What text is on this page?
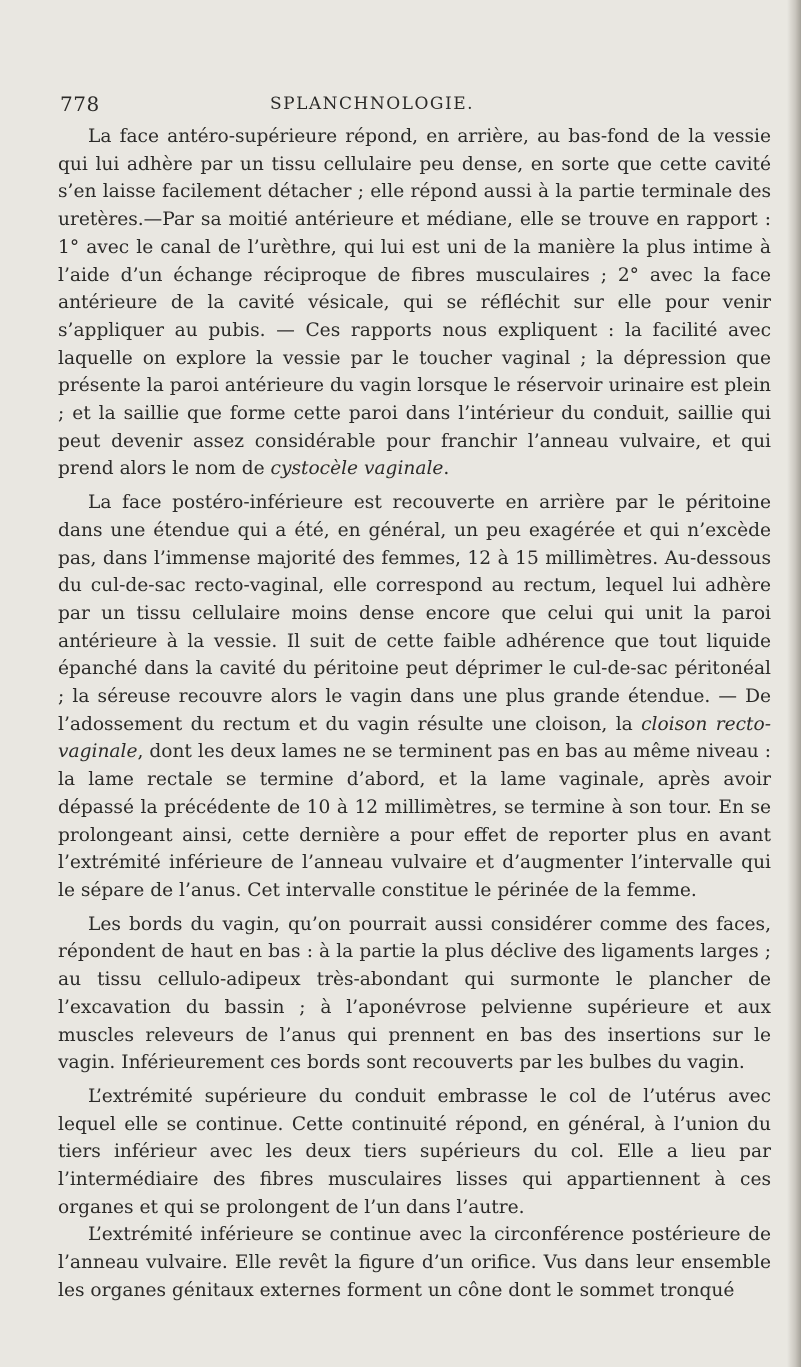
778	SPLANCHNOLOGIE.

La face antéro-supérieure répond, en arrière, au bas-fond de la vessie qui lui adhère par un tissu cellulaire peu dense, en sorte que cette cavité s’en laisse facilement détacher ; elle répond aussi à la partie terminale des uretères.—Par sa moitié antérieure et médiane, elle se trouve en rapport : 1° avec le canal de l’urèthre, qui lui est uni de la manière la plus intime à l’aide d’un échange réciproque de fibres musculaires ; 2° avec la face antérieure de la cavité vésicale, qui se réfléchit sur elle pour venir s’appliquer au pubis. — Ces rapports nous expliquent : la facilité avec laquelle on explore la vessie par le toucher vaginal ; la dépression que présente la paroi antérieure du vagin lorsque le réservoir urinaire est plein ; et la saillie que forme cette paroi dans l’intérieur du conduit, saillie qui peut devenir assez considérable pour franchir l’anneau vulvaire, et qui prend alors le nom de cystocèle vaginale.

La face postéro-inférieure est recouverte en arrière par le péritoine dans une étendue qui a été, en général, un peu exagérée et qui n’excède pas, dans l’immense majorité des femmes, 12 à 15 millimètres. Au-dessous du cul-de-sac recto-vaginal, elle correspond au rectum, lequel lui adhère par un tissu cellulaire moins dense encore que celui qui unit la paroi antérieure à la vessie. Il suit de cette faible adhérence que tout liquide épanché dans la cavité du péritoine peut déprimer le cul-de-sac péritonéal ; la séreuse recouvre alors le vagin dans une plus grande étendue. — De l’adossement du rectum et du vagin résulte une cloison, la cloison recto-vaginale, dont les deux lames ne se terminent pas en bas au même niveau : la lame rectale se termine d’abord, et la lame vaginale, après avoir dépassé la précédente de 10 à 12 millimètres, se termine à son tour. En se prolongeant ainsi, cette dernière a pour effet de reporter plus en avant l’extrémité inférieure de l’anneau vulvaire et d’augmenter l’intervalle qui le sépare de l’anus. Cet intervalle constitue le périnée de la femme.

Les bords du vagin, qu’on pourrait aussi considérer comme des faces, répondent de haut en bas : à la partie la plus déclive des ligaments larges ; au tissu cellulo-adipeux très-abondant qui surmonte le plancher de l’excavation du bassin ; à l’aponévrose pelvienne supérieure et aux muscles releveurs de l’anus qui prennent en bas des insertions sur le vagin. Inférieurement ces bords sont recouverts par les bulbes du vagin.

L’extrémité supérieure du conduit embrasse le col de l’utérus avec lequel elle se continue. Cette continuité répond, en général, à l’union du tiers inférieur avec les deux tiers supérieurs du col. Elle a lieu par l’intermédiaire des fibres musculaires lisses qui appartiennent à ces organes et qui se prolongent de l’un dans l’autre.

L’extrémité inférieure se continue avec la circonférence postérieure de l’anneau vulvaire. Elle revêt la figure d’un orifice. Vus dans leur ensemble les organes génitaux externes forment un cône dont le sommet tronqué
